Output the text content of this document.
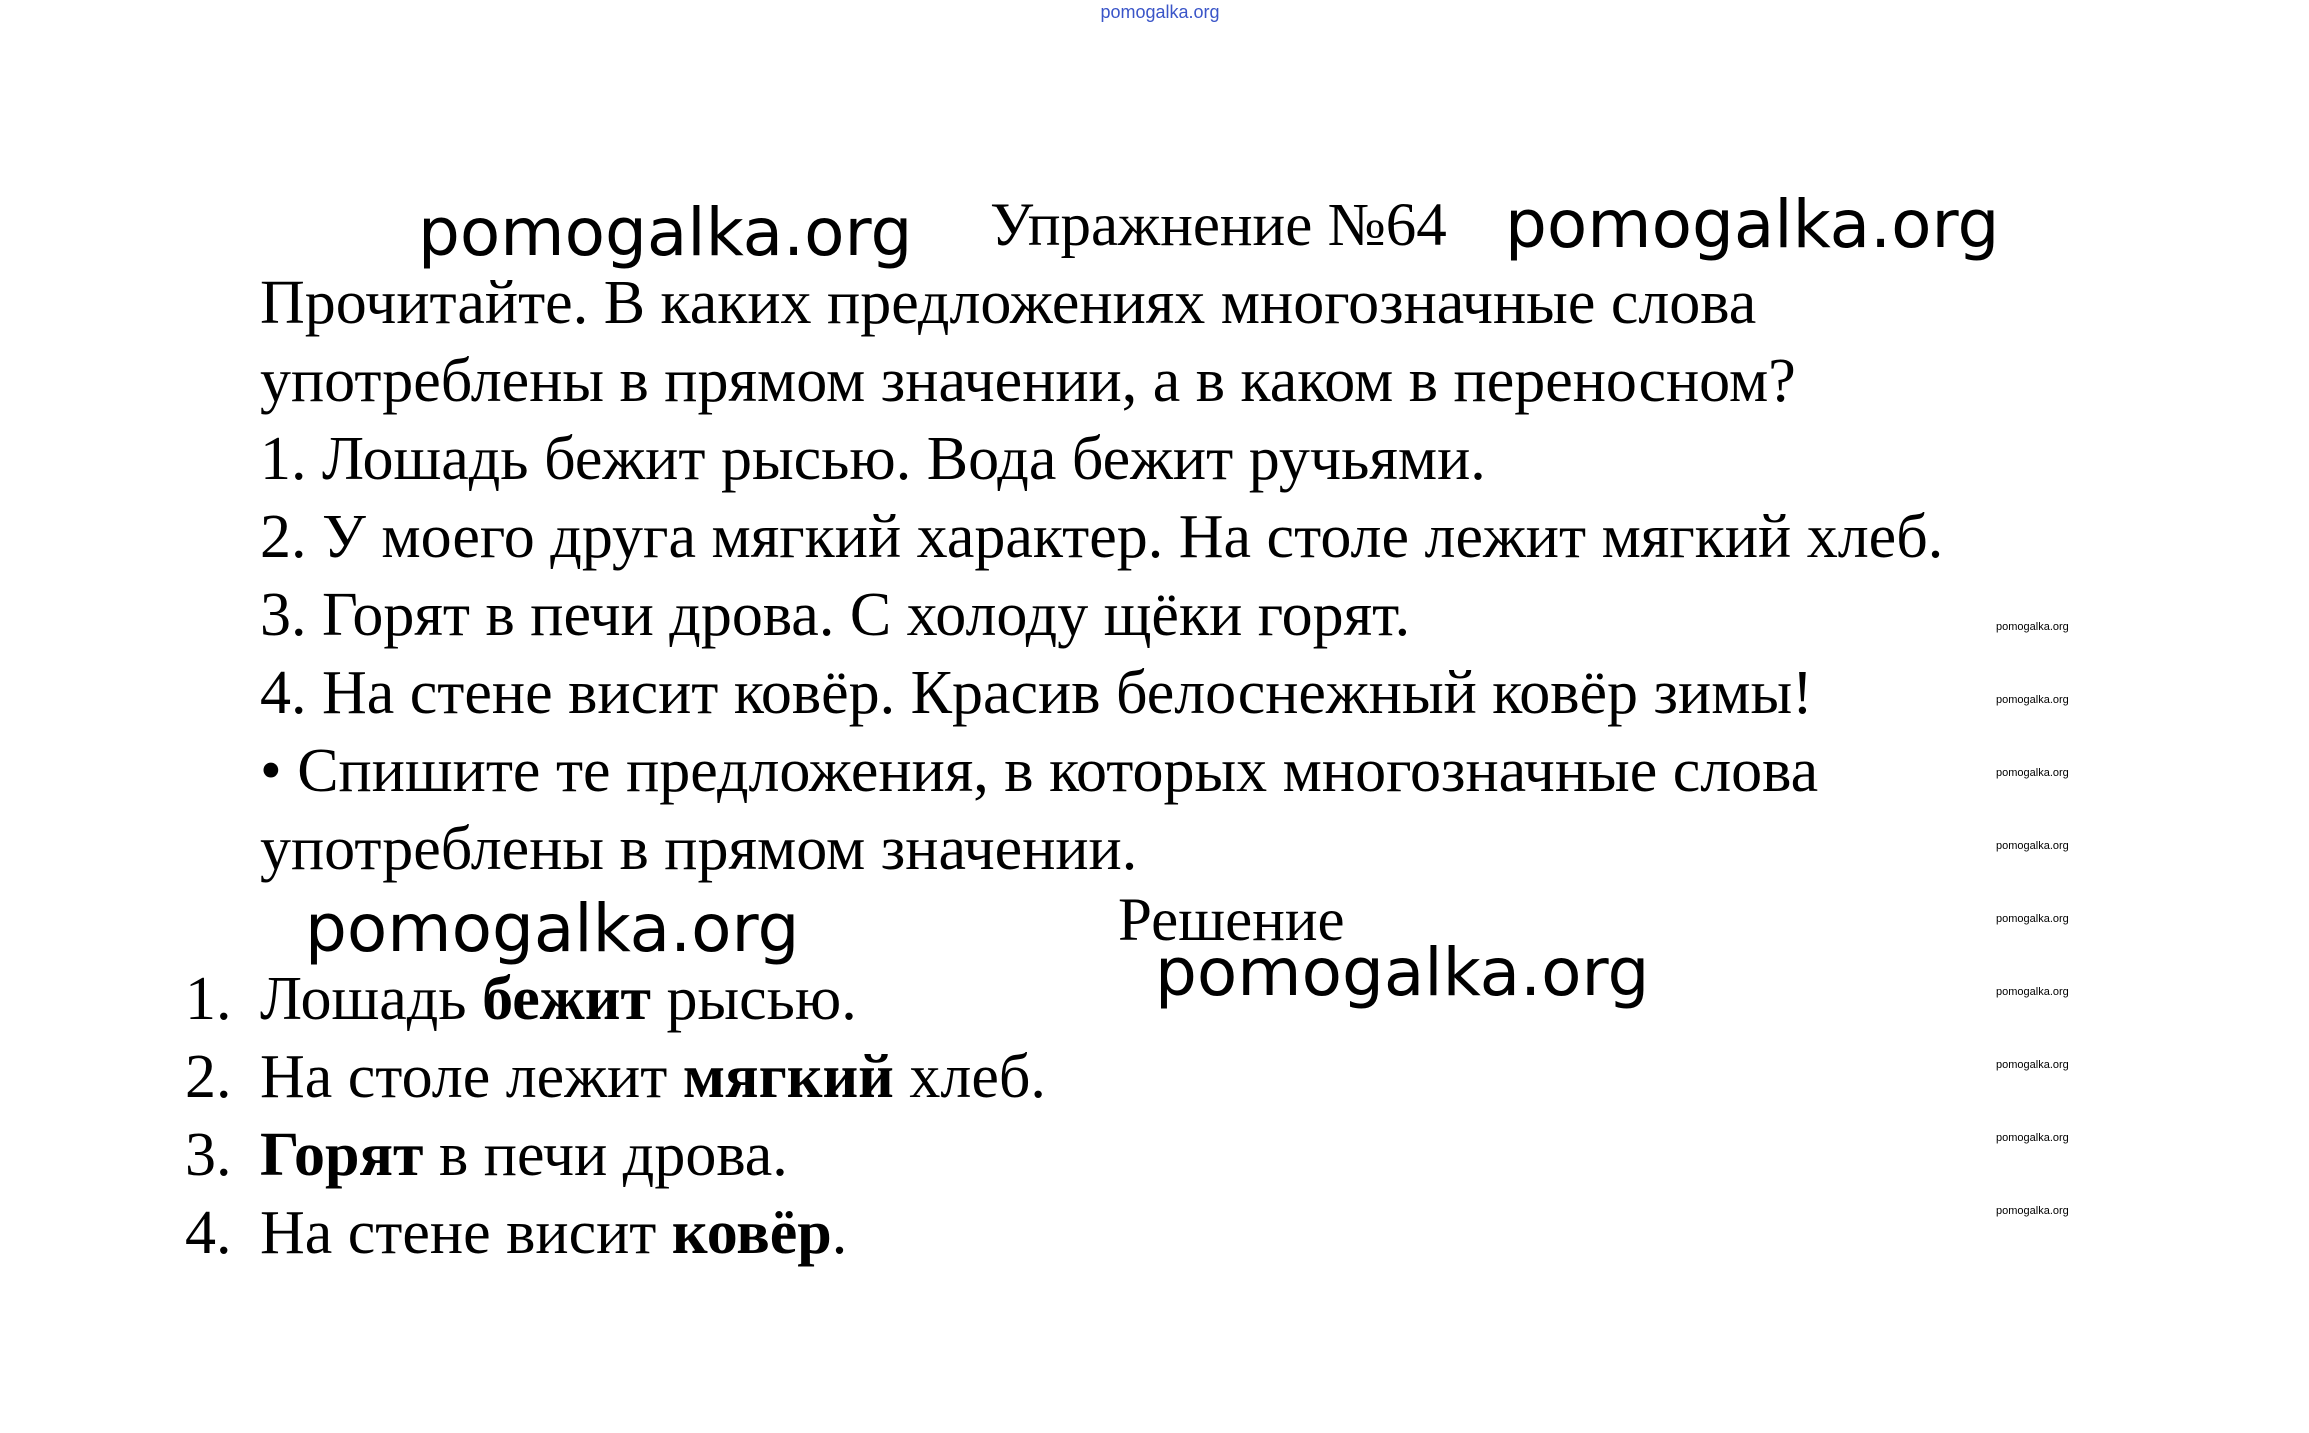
pomogalka.org
pomogalka.org	pomogalka.org
pomogalka.org
pomogalka.org
Упражнение №64
Прочитайте. В каких предложениях многозначные слова
употреблены в прямом значении, а в каком в переносном?
1. Лошадь бежит рысью. Вода бежит ручьями.
2. У моего друга мягкий характер. На столе лежит мягкий хлеб.
3. Горят в печи дрова. С холоду щёки горят.
4. На стене висит ковёр. Красив белоснежный ковёр зимы!
• Спишите те предложения, в которых многозначные слова
употреблены в прямом значении.
Решение
1. Лошадь бежит рысью.
2. На столе лежит мягкий хлеб.
3. Горят в печи дрова.
4. На стене висит ковёр.
pomogalka.org
pomogalka.org
pomogalka.org
pomogalka.org
pomogalka.org
pomogalka.org
pomogalka.org
pomogalka.org
pomogalka.org
